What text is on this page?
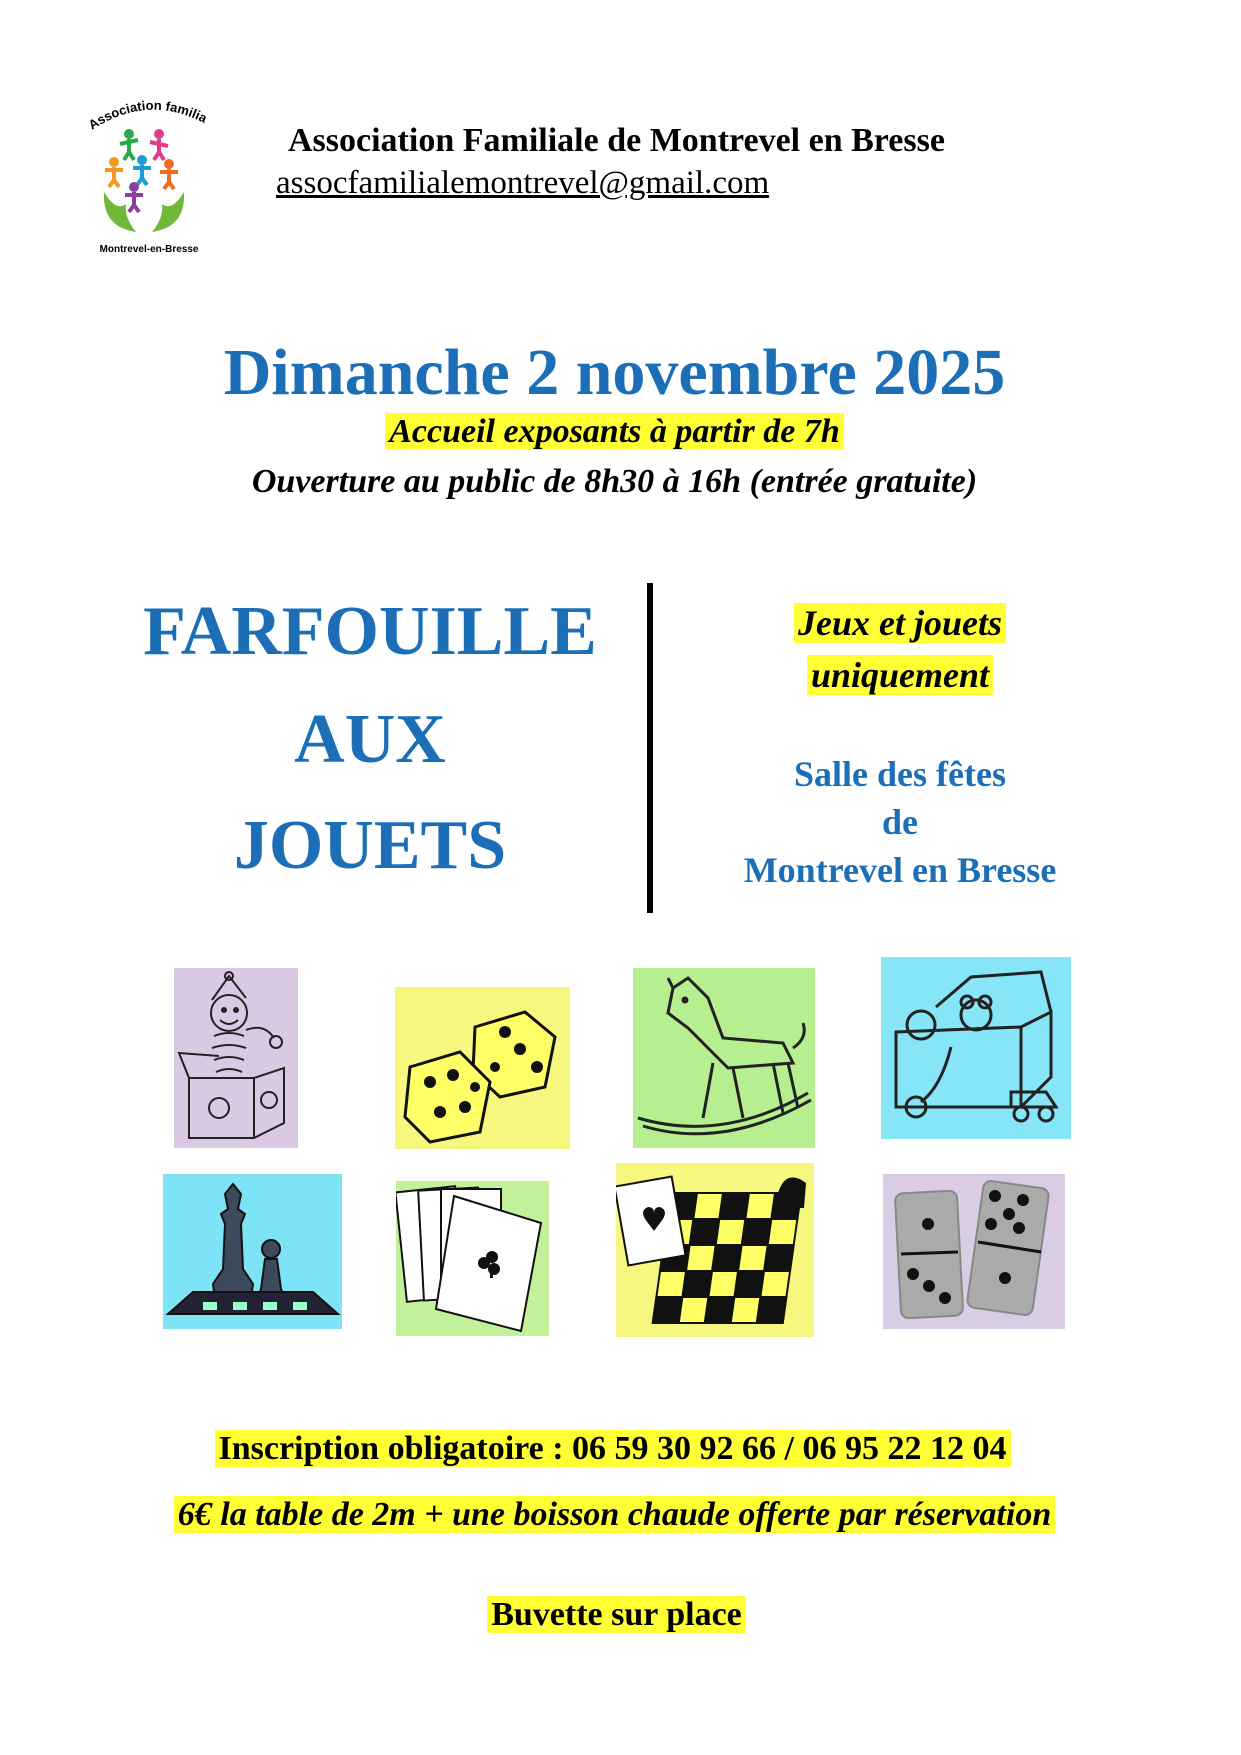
Association familia
Montrevel-en-Bresse
Association Familiale de Montrevel en Bresse
assocfamilialemontrevel@gmail.com
Dimanche 2 novembre 2025
Accueil exposants à partir de 7h
Ouverture au public de 8h30 à 16h (entrée gratuite)
FARFOUILLE
AUX
JOUETS
Jeux et jouets
uniquement
Salle des fêtes
de
Montrevel en Bresse
Inscription obligatoire : 06 59 30 92 66 / 06 95 22 12 04
6€ la table de 2m + une boisson chaude offerte par réservation
Buvette sur place
